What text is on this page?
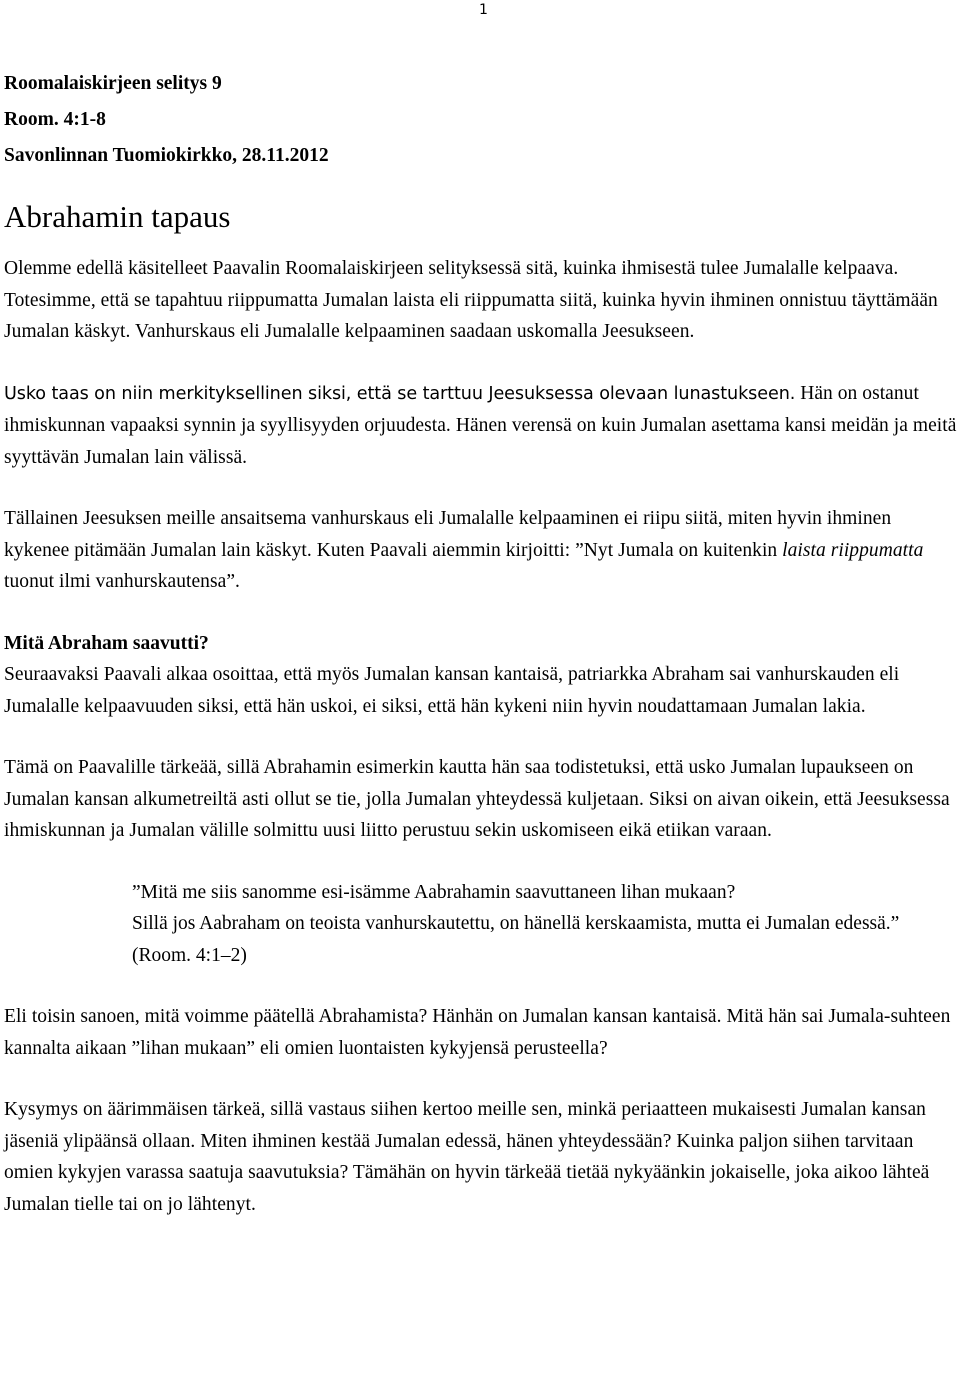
1
Roomalaiskirjeen selitys 9
Room. 4:1-8
Savonlinnan Tuomiokirkko, 28.11.2012
Abrahamin tapaus

Olemme edellä käsitelleet Paavalin Roomalaiskirjeen selityksessä sitä, kuinka ihmisestä tulee Jumalalle kelpaava. Totesimme, että se tapahtuu riippumatta Jumalan laista eli riippumatta siitä, kuinka hyvin ihminen onnistuu täyttämään Jumalan käskyt. Vanhurskaus eli Jumalalle kelpaaminen saadaan uskomalla Jeesukseen.

Usko taas on niin merkityksellinen siksi, että se tarttuu Jeesuksessa olevaan lunastukseen. Hän on ostanut ihmiskunnan vapaaksi synnin ja syyllisyyden orjuudesta. Hänen verensä on kuin Jumalan asettama kansi meidän ja meitä syyttävän Jumalan lain välissä.

Tällainen Jeesuksen meille ansaitsema vanhurskaus eli Jumalalle kelpaaminen ei riipu siitä, miten hyvin ihminen kykenee pitämään Jumalan lain käskyt. Kuten Paavali aiemmin kirjoitti: ”Nyt Jumala on kuitenkin laista riippumatta tuonut ilmi vanhurskautensa”.

Mitä Abraham saavutti?

Seuraavaksi Paavali alkaa osoittaa, että myös Jumalan kansan kantaisä, patriarkka Abraham sai vanhurskauden eli Jumalalle kelpaavuuden siksi, että hän uskoi, ei siksi, että hän kykeni niin hyvin noudattamaan Jumalan lakia.

Tämä on Paavalille tärkeää, sillä Abrahamin esimerkin kautta hän saa todistetuksi, että usko Jumalan lupaukseen on Jumalan kansan alkumetreiltä asti ollut se tie, jolla Jumalan yhteydessä kuljetaan. Siksi on aivan oikein, että Jeesuksessa ihmiskunnan ja Jumalan välille solmittu uusi liitto perustuu sekin uskomiseen eikä etiikan varaan.

”Mitä me siis sanomme esi-isämme Aabrahamin saavuttaneen lihan mukaan?
Sillä jos Aabraham on teoista vanhurskautettu, on hänellä kerskaamista, mutta ei Jumalan edessä.” (Room. 4:1–2)

Eli toisin sanoen, mitä voimme päätellä Abrahamista? Hänhän on Jumalan kansan kantaisä. Mitä hän sai Jumala-suhteen kannalta aikaan ”lihan mukaan” eli omien luontaisten kykyjensä perusteella?

Kysymys on äärimmäisen tärkeä, sillä vastaus siihen kertoo meille sen, minkä periaatteen mukaisesti Jumalan kansan jäseniä ylipäänsä ollaan. Miten ihminen kestää Jumalan edessä, hänen yhteydessään? Kuinka paljon siihen tarvitaan omien kykyjen varassa saatuja saavutuksia? Tämähän on hyvin tärkeää tietää nykyäänkin jokaiselle, joka aikoo lähteä Jumalan tielle tai on jo lähtenyt.
